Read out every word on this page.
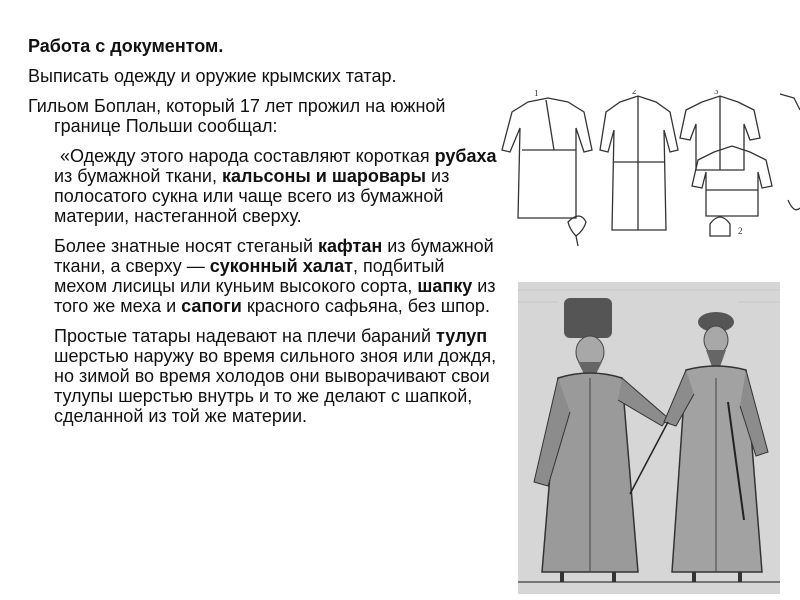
Работа с документом.

Выписать одежду и оружие крымских татар.

Гильом Боплан, который 17 лет прожил на южной границе Польши сообщал:

«Одежду этого народа составляют короткая рубаха из бумажной ткани, кальсоны и шаровары из полосатого сукна или чаще всего из бумажной материи, настеганной сверху.

Более знатные носят стеганый кафтан из бумажной ткани, а сверху — суконный халат, подбитый мехом лисицы или куньим высокого сорта, шапку из того же меха и сапоги красного сафьяна, без шпор.

Простые татары надевают на плечи бараний тулуп шерстью наружу во время сильного зноя или дождя, но зимой во время холодов они выворачивают свои тулупы шерстью внутрь и то же делают с шапкой, сделанной из той же материи.

1	2	3
2
